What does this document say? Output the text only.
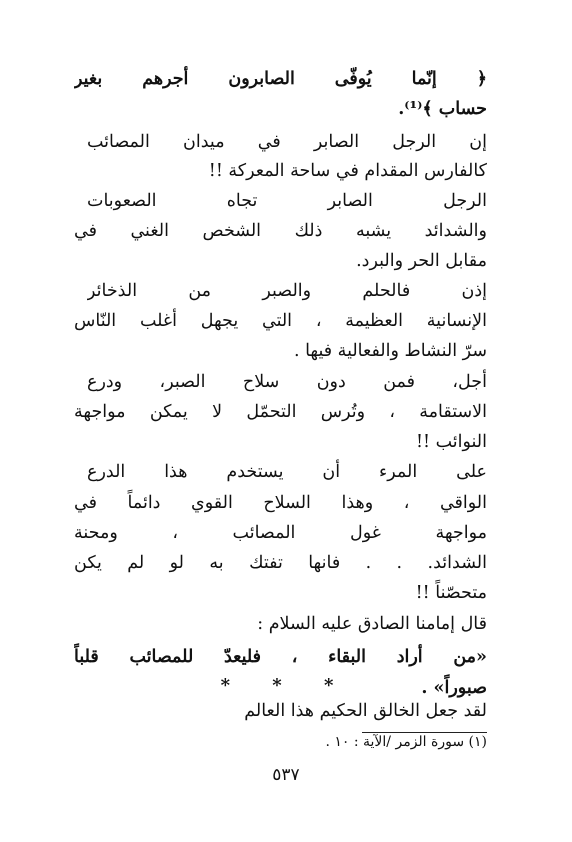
﴿ إنّما يُوفّى الصابرون أجرهم بغير
حساب ﴾⁽¹⁾.
إن الرجل الصابر في ميدان المصائب
كالفارس المقدام في ساحة المعركة !!
الرجل الصابر تجاه الصعوبات
والشدائد يشبه ذلك الشخص الغني في
مقابل الحر والبرد.
إذن فالحلم والصبر من الذخائر
الإنسانية العظيمة ، التي يجهل أغلب النّاس
سرّ النشاط والفعالية فيها .
أجل، فمن دون سلاح الصبر، ودرع
الاستقامة ، وتُرس التحمّل لا يمكن مواجهة
النوائب !!
على المرء أن يستخدم هذا الدرع
الواقي ، وهذا السلاح القوي دائماً في
مواجهة غول المصائب ، ومحنة
الشدائد. . . فانها تفتك به لو لم يكن
متحصّناً !!
قال إمامنا الصادق عليه السلام :
«من أراد البقاء ، فليعدّ للمصائب قلباً
صبوراً» .
* * *
لقد جعل الخالق الحكيم هذا العالم
(١) سورة الزمر /الآية : ١٠ .
٥٣٧
